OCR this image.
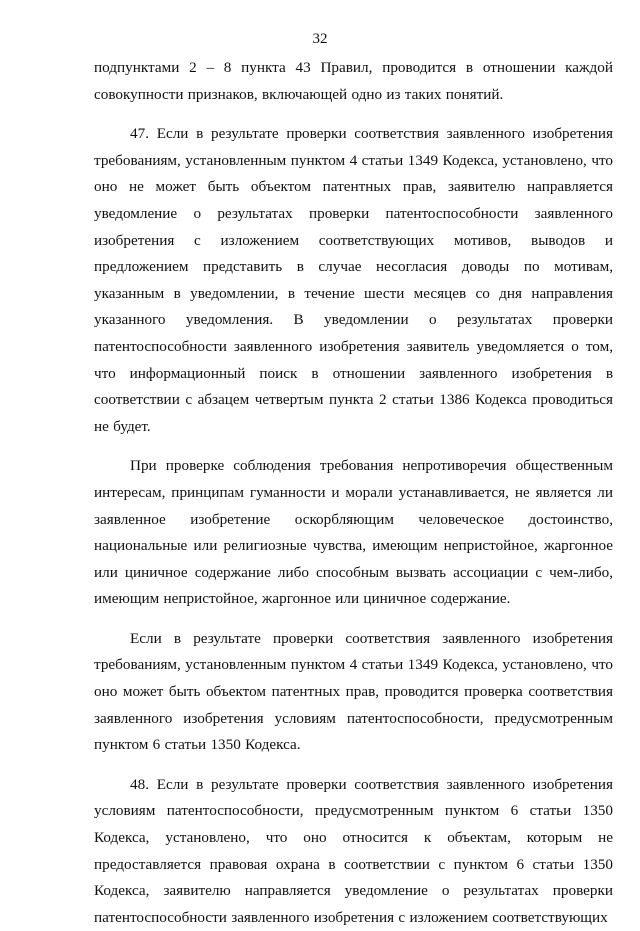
32

подпунктами 2 – 8 пункта 43 Правил, проводится в отношении каждой совокупности признаков, включающей одно из таких понятий.

47. Если в результате проверки соответствия заявленного изобретения требованиям, установленным пунктом 4 статьи 1349 Кодекса, установлено, что оно не может быть объектом патентных прав, заявителю направляется уведомление о результатах проверки патентоспособности заявленного изобретения с изложением соответствующих мотивов, выводов и предложением представить в случае несогласия доводы по мотивам, указанным в уведомлении, в течение шести месяцев со дня направления указанного уведомления. В уведомлении о результатах проверки патентоспособности заявленного изобретения заявитель уведомляется о том, что информационный поиск в отношении заявленного изобретения в соответствии с абзацем четвертым пункта 2 статьи 1386 Кодекса проводиться не будет.

При проверке соблюдения требования непротиворечия общественным интересам, принципам гуманности и морали устанавливается, не является ли заявленное изобретение оскорбляющим человеческое достоинство, национальные или религиозные чувства, имеющим непристойное, жаргонное или циничное содержание либо способным вызвать ассоциации с чем-либо, имеющим непристойное, жаргонное или циничное содержание.

Если в результате проверки соответствия заявленного изобретения требованиям, установленным пунктом 4 статьи 1349 Кодекса, установлено, что оно может быть объектом патентных прав, проводится проверка соответствия заявленного изобретения условиям патентоспособности, предусмотренным пунктом 6 статьи 1350 Кодекса.

48. Если в результате проверки соответствия заявленного изобретения условиям патентоспособности, предусмотренным пунктом 6 статьи 1350 Кодекса, установлено, что оно относится к объектам, которым не предоставляется правовая охрана в соответствии с пунктом 6 статьи 1350 Кодекса, заявителю направляется уведомление о результатах проверки патентоспособности заявленного изобретения с изложением соответствующих
